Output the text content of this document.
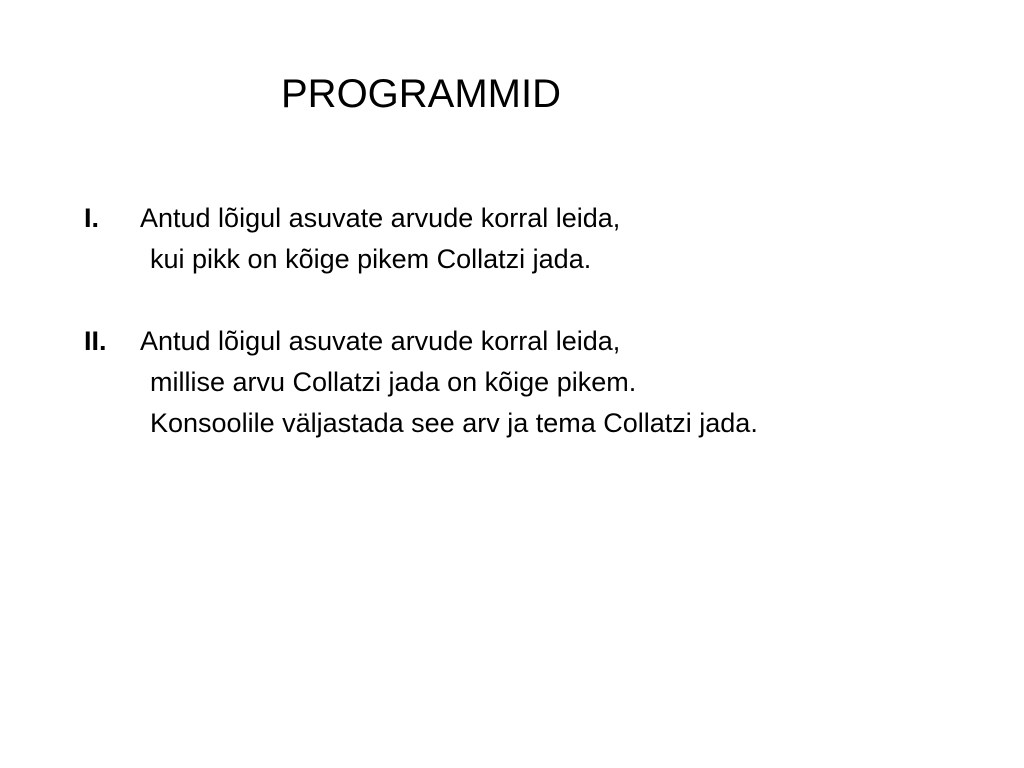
PROGRAMMID
I. Antud lõigul asuvate arvude korral leida,
kui pikk on kõige pikem Collatzi jada.
II. Antud lõigul asuvate arvude korral leida,
millise arvu Collatzi jada on kõige pikem.
Konsoolile väljastada see arv ja tema Collatzi jada.
